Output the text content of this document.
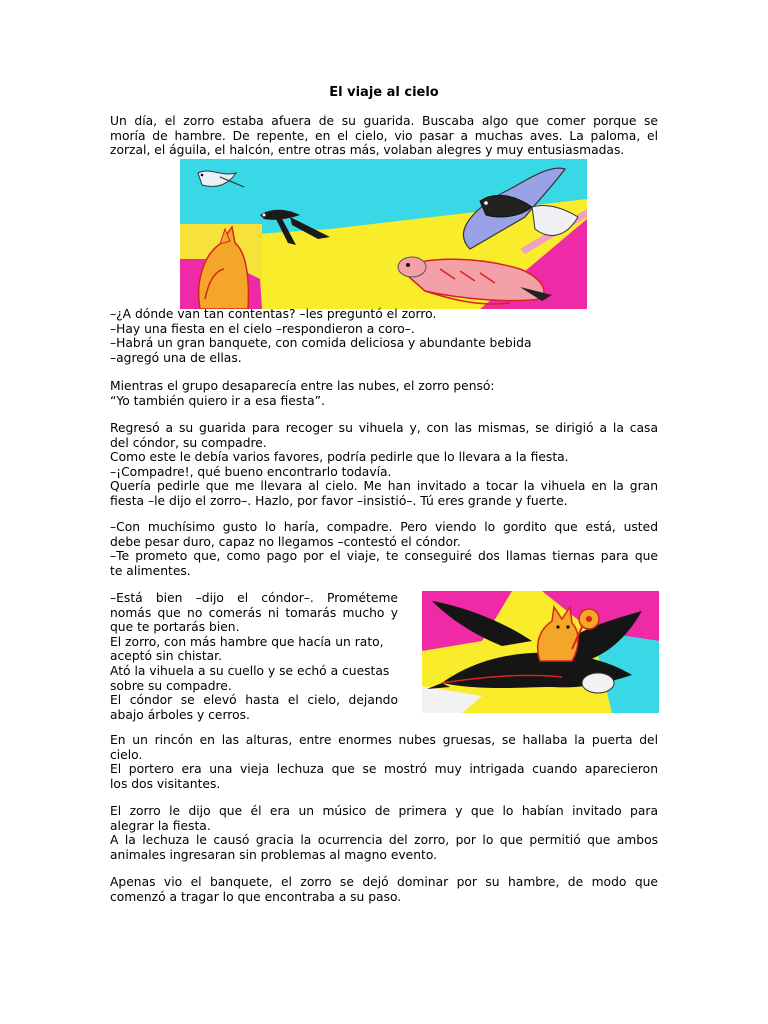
El viaje al cielo
Un día, el zorro estaba afuera de su guarida. Buscaba algo que comer porque se
moría de hambre. De repente, en el cielo, vio pasar a muchas aves. La paloma, el
zorzal, el águila, el halcón, entre otras más, volaban alegres y muy entusiasmadas.
–¿A dónde van tan contentas? –les preguntó el zorro.
–Hay una fiesta en el cielo –respondieron a coro–.
–Habrá un gran banquete, con comida deliciosa y abundante bebida
–agregó una de ellas.
Mientras el grupo desaparecía entre las nubes, el zorro pensó:
“Yo también quiero ir a esa fiesta”.
Regresó a su guarida para recoger su vihuela y, con las mismas, se dirigió a la casa
del cóndor, su compadre.
Como este le debía varios favores, podría pedirle que lo llevara a la fiesta.
–¡Compadre!, qué bueno encontrarlo todavía.
Quería pedirle que me llevara al cielo. Me han invitado a tocar la vihuela en la gran
fiesta –le dijo el zorro–. Hazlo, por favor –insistió–. Tú eres grande y fuerte.
–Con muchísimo gusto lo haría, compadre. Pero viendo lo gordito que está, usted
debe pesar duro, capaz no llegamos –contestó el cóndor.
–Te prometo que, como pago por el viaje, te conseguiré dos llamas tiernas para que
te alimentes.
–Está bien –dijo el cóndor–. Prométeme
nomás que no comerás ni tomarás mucho y
que te portarás bien.
El zorro, con más hambre que hacía un rato,
aceptó sin chistar.
Ató la vihuela a su cuello y se echó a cuestas
sobre su compadre.
El cóndor se elevó hasta el cielo, dejando
abajo árboles y cerros.
En un rincón en las alturas, entre enormes nubes gruesas, se hallaba la puerta del
cielo.
El portero era una vieja lechuza que se mostró muy intrigada cuando aparecieron
los dos visitantes.
El zorro le dijo que él era un músico de primera y que lo habían invitado para
alegrar la fiesta.
A la lechuza le causó gracia la ocurrencia del zorro, por lo que permitió que ambos
animales ingresaran sin problemas al magno evento.
Apenas vio el banquete, el zorro se dejó dominar por su hambre, de modo que
comenzó a tragar lo que encontraba a su paso.
